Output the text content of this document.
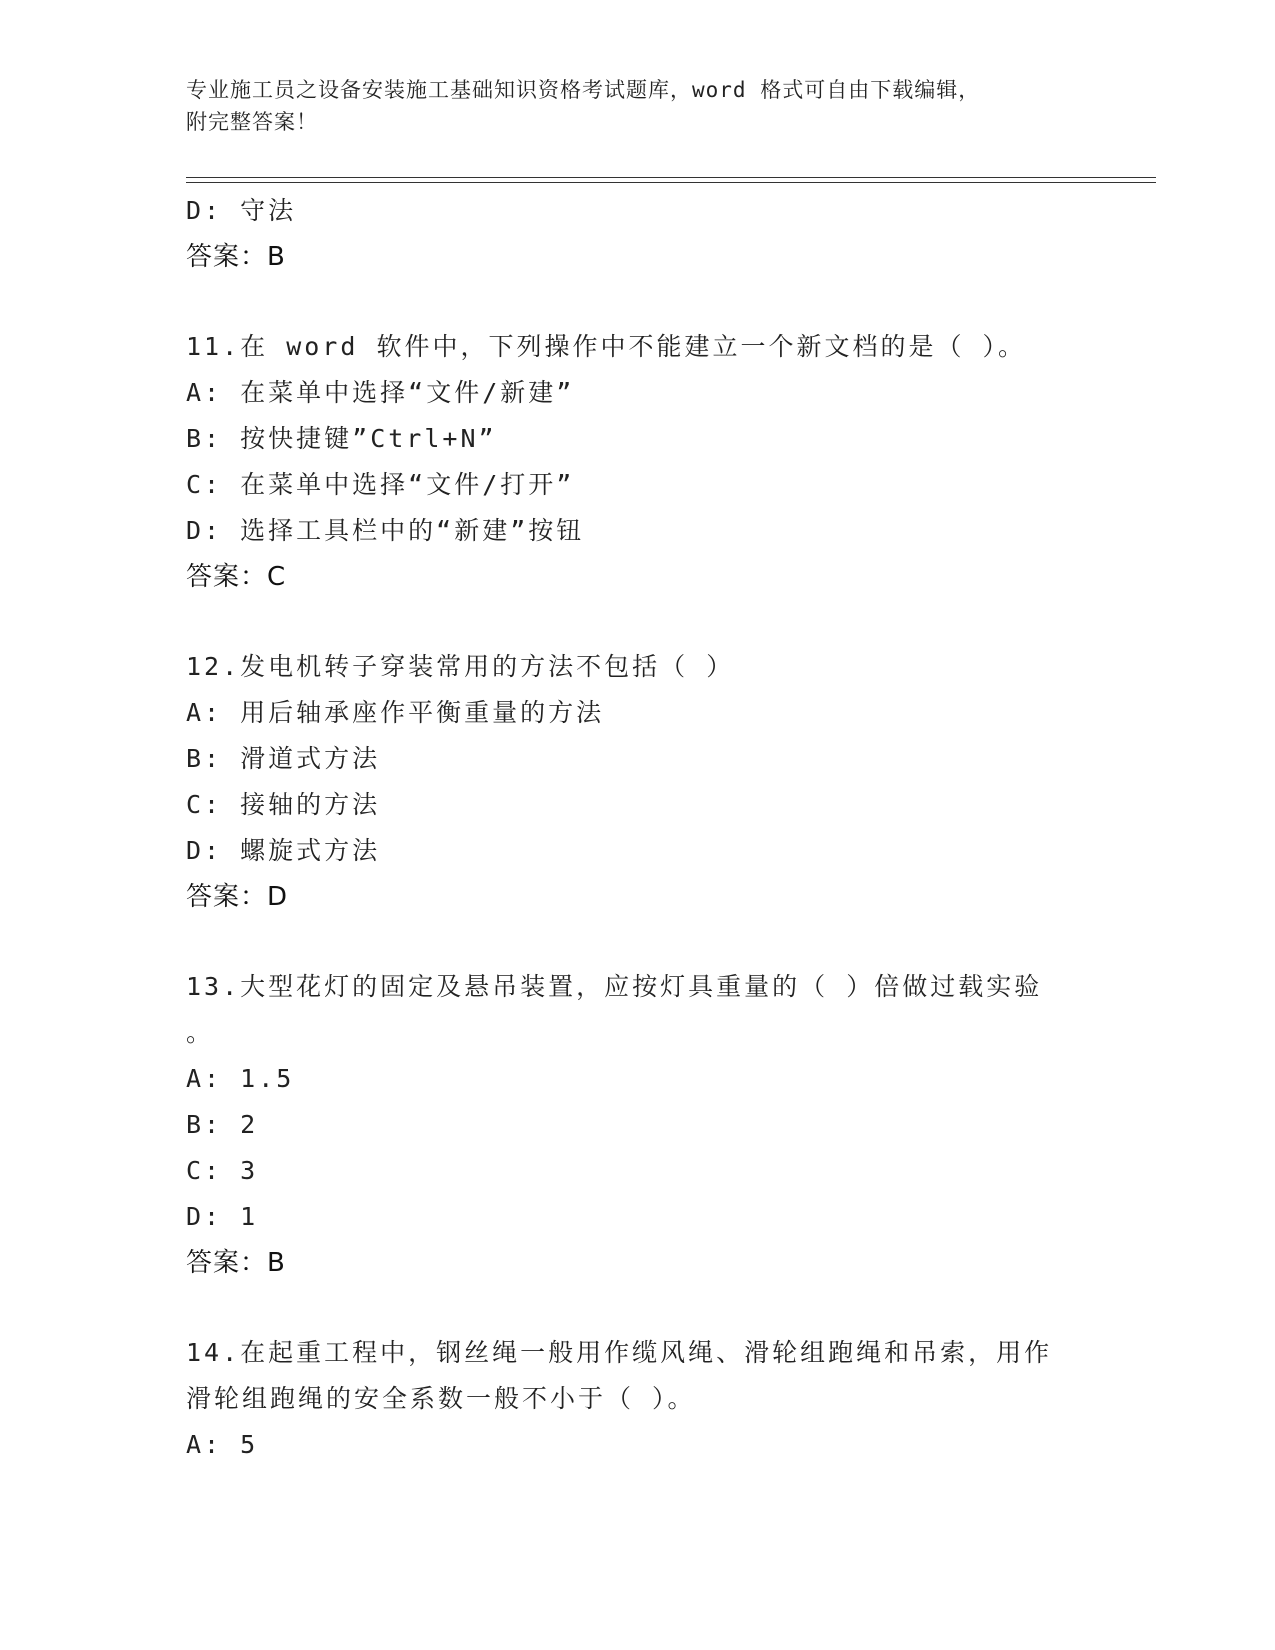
专业施工员之设备安装施工基础知识资格考试题库，word 格式可自由下载编辑，
附完整答案！
D: 守法
答案：B
11.在 word 软件中，下列操作中不能建立一个新文档的是（ ）。
A: 在菜单中选择“文件/新建”
B: 按快捷键”Ctrl+N”
C: 在菜单中选择“文件/打开”
D: 选择工具栏中的“新建”按钮
答案：C
12.发电机转子穿装常用的方法不包括（ ）
A: 用后轴承座作平衡重量的方法
B: 滑道式方法
C: 接轴的方法
D: 螺旋式方法
答案：D
13.大型花灯的固定及悬吊装置，应按灯具重量的（ ）倍做过载实验
。
A: 1.5
B: 2
C: 3
D: 1
答案：B
14.在起重工程中，钢丝绳一般用作缆风绳、滑轮组跑绳和吊索，用作
滑轮组跑绳的安全系数一般不小于（ ）。
A: 5
